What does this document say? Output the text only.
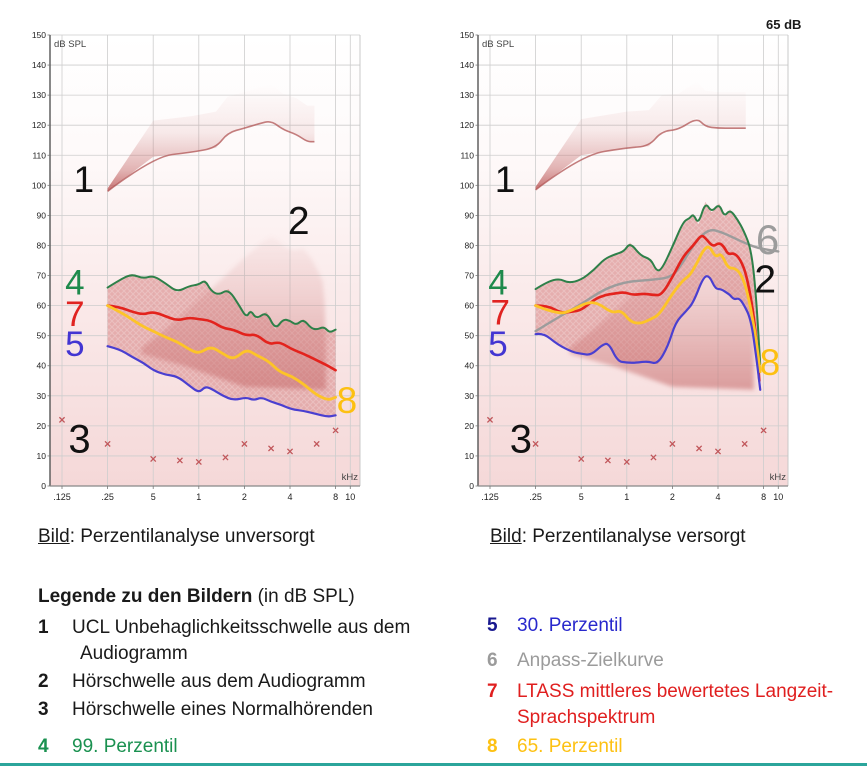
0
10
20
30
40
50
60
70
80
90
100
110
120
130
140
150
.125	.25	5	1	2	4	8 10
dB SPL
kHz
1
2
3
4
7
5
8
0
10
20
30
40
50
60
70
80
90
100
110
120
130
140
150
.125	.25	5	1	2	4	8 10
dB SPL
kHz
1
4
7
5
6
2
8
3
65 dB
Bild: Perzentilanalyse unversorgt	Bild: Perzentilanalyse versorgt
Legende zu den Bildern (in dB SPL)
1 UCL Unbehaglichkeitsschwelle aus dem
Audiogramm
2 Hörschwelle aus dem Audiogramm
3 Hörschwelle eines Normalhörenden
4 99. Perzentil
5 30. Perzentil
6 Anpass-Zielkurve
7 LTASS mittleres bewertetes Langzeit-
Sprachspektrum
8 65. Perzentil
